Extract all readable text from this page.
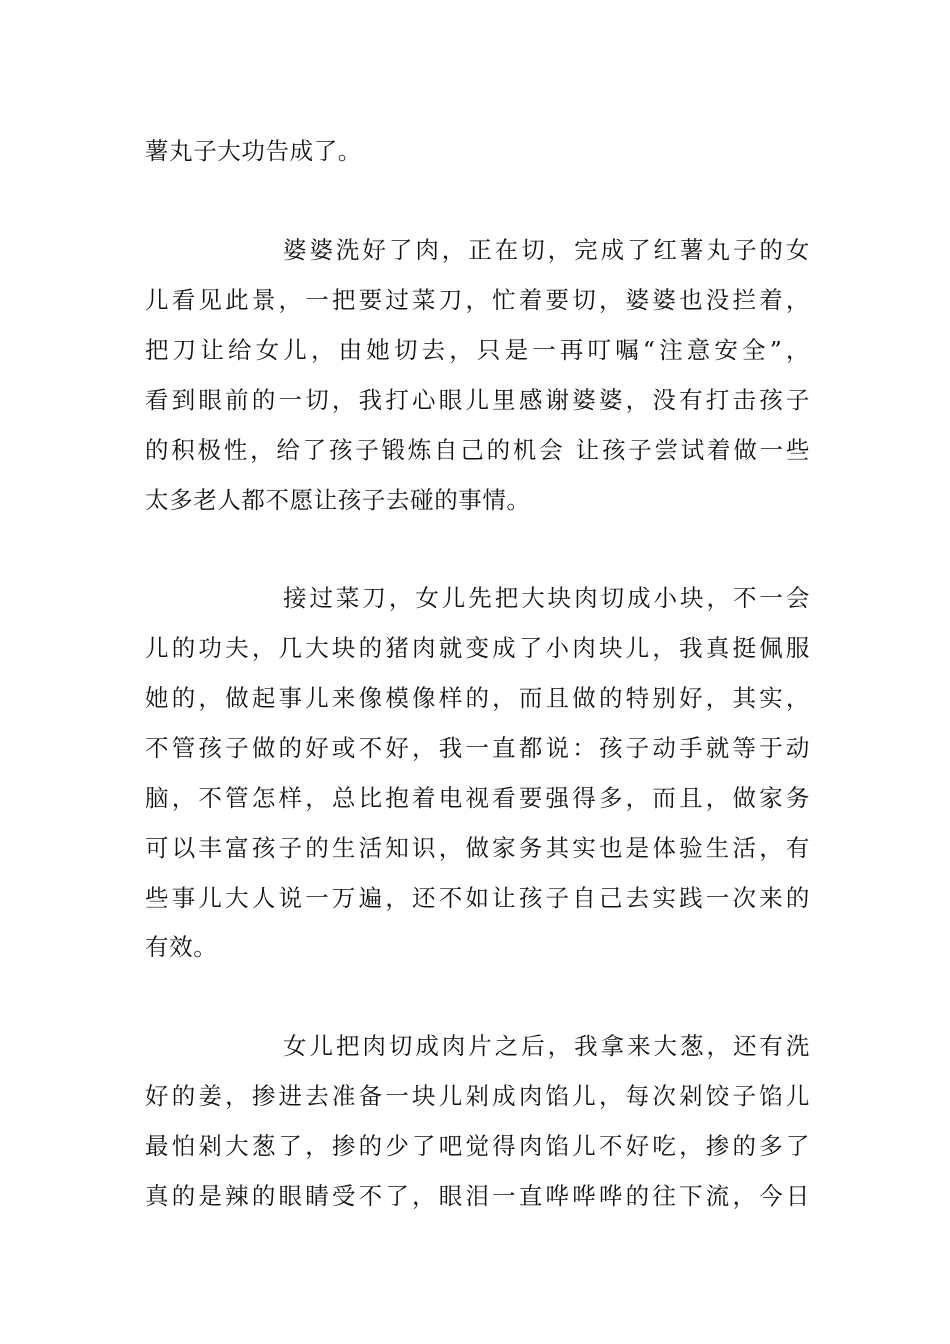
薯丸子大功告成了。
婆婆洗好了肉，正在切，完成了红薯丸子的女
儿看见此景，一把要过菜刀，忙着要切，婆婆也没拦着，
把刀让给女儿，由她切去，只是一再叮嘱“注意安全”，
看到眼前的一切，我打心眼儿里感谢婆婆，没有打击孩子
的积极性，给了孩子锻炼自己的机会 让孩子尝试着做一些
太多老人都不愿让孩子去碰的事情。
接过菜刀，女儿先把大块肉切成小块，不一会
儿的功夫，几大块的猪肉就变成了小肉块儿，我真挺佩服
她的，做起事儿来像模像样的，而且做的特别好，其实，
不管孩子做的好或不好，我一直都说：孩子动手就等于动
脑，不管怎样，总比抱着电视看要强得多，而且，做家务
可以丰富孩子的生活知识，做家务其实也是体验生活，有
些事儿大人说一万遍，还不如让孩子自己去实践一次来的
有效。
女儿把肉切成肉片之后，我拿来大葱，还有洗
好的姜，掺进去准备一块儿剁成肉馅儿，每次剁饺子馅儿
最怕剁大葱了，掺的少了吧觉得肉馅儿不好吃，掺的多了
真的是辣的眼睛受不了，眼泪一直哗哗哗的往下流，今日
